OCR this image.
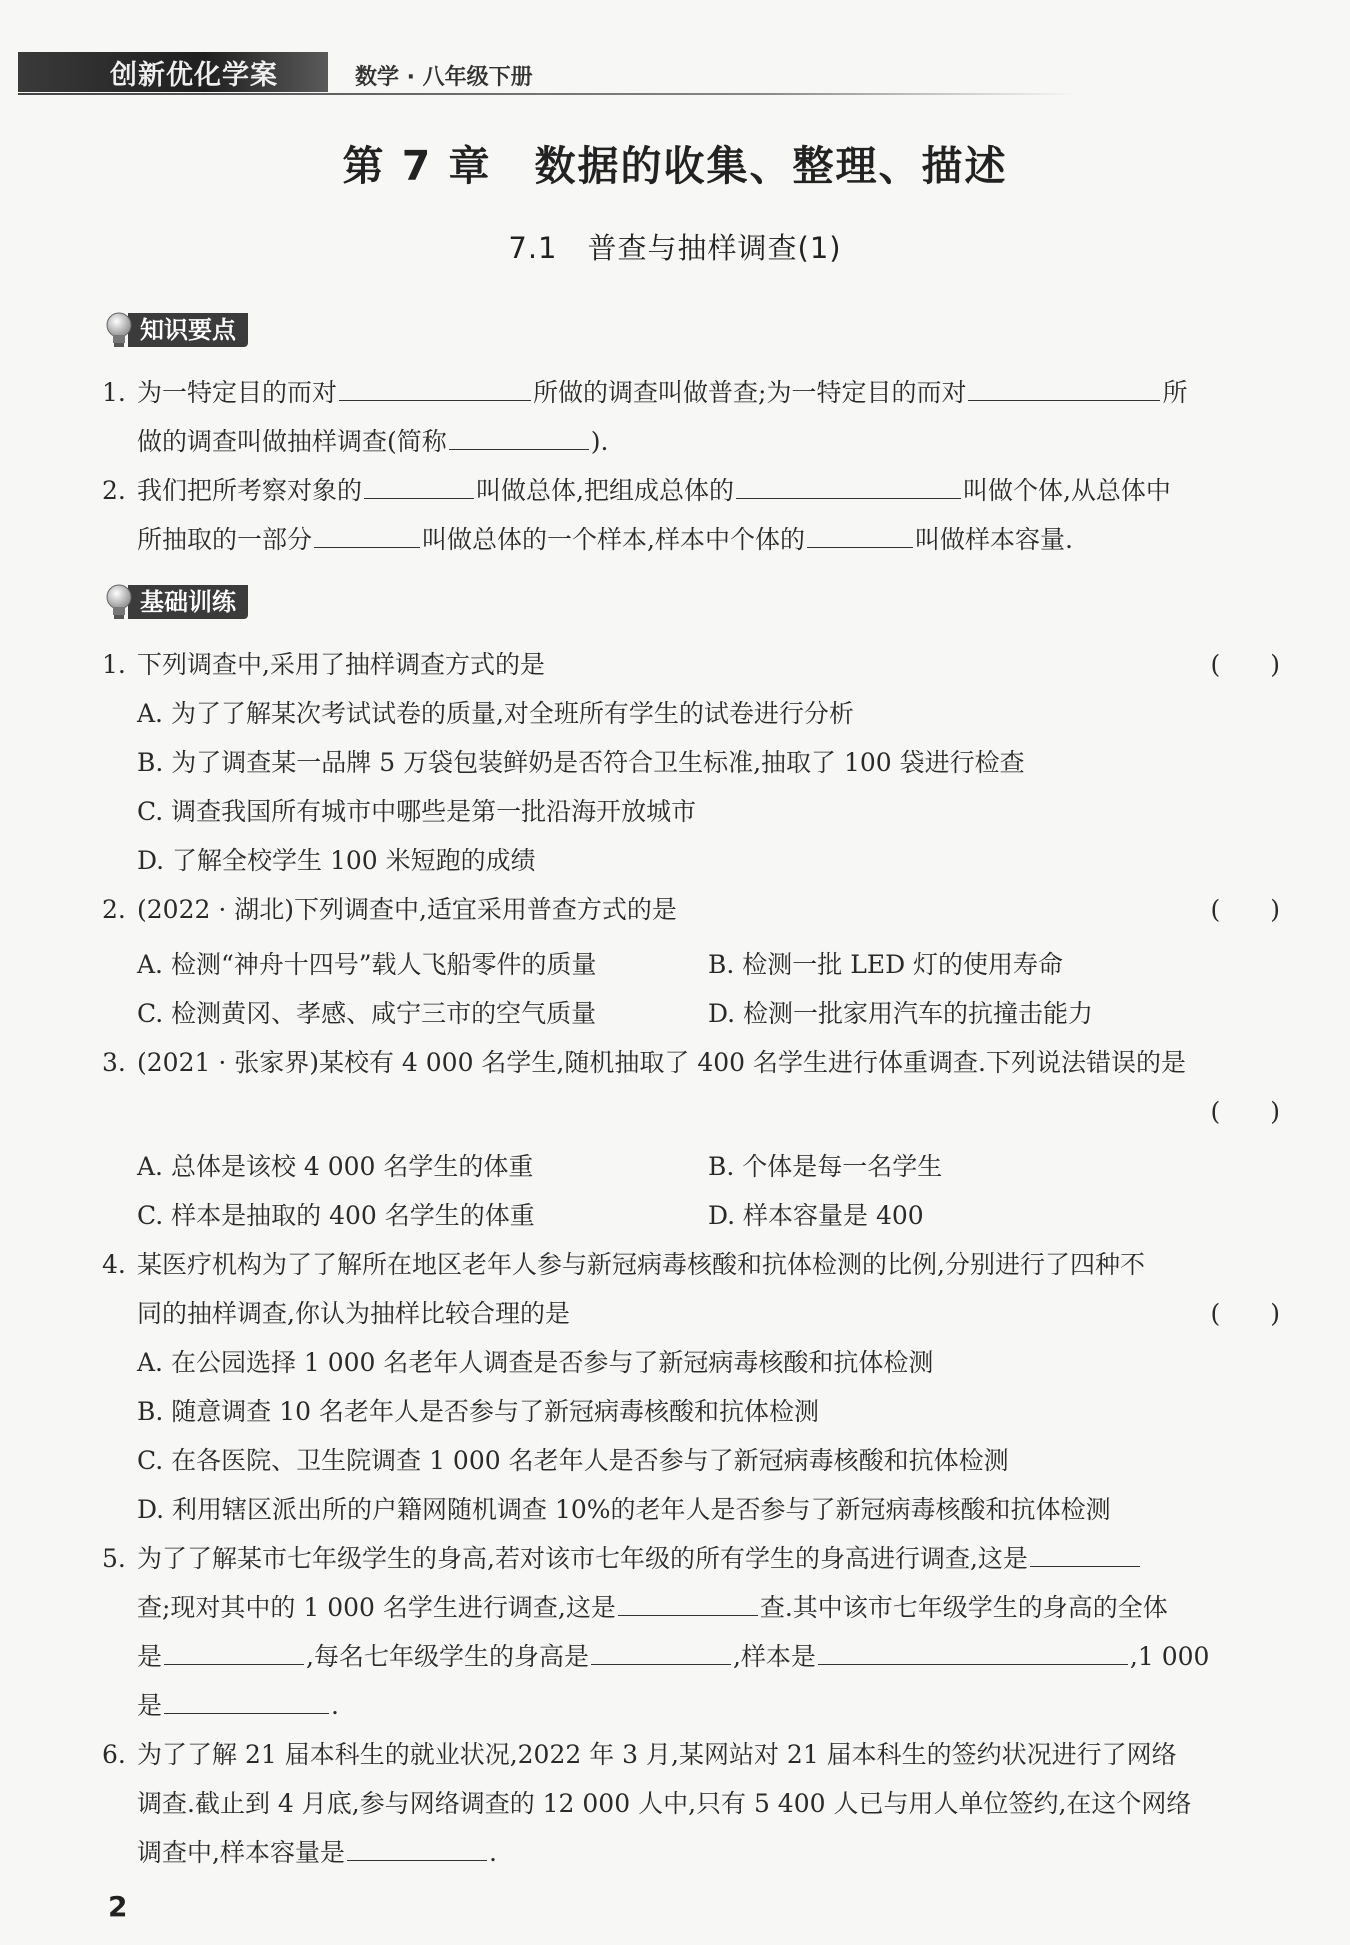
创新优化学案	数学 · 八年级下册
第 7 章　数据的收集、整理、描述
7.1　普查与抽样调查(1)
知识要点
1. 为一特定目的而对	所做的调查叫做普查;为一特定目的而对	所
做的调查叫做抽样调查(简称	).
2. 我们把所考察对象的	叫做总体,把组成总体的	叫做个体,从总体中
所抽取的一部分	叫做总体的一个样本,样本中个体的	叫做样本容量.
基础训练
1. 下列调查中,采用了抽样调查方式的是	(　　)
A. 为了了解某次考试试卷的质量,对全班所有学生的试卷进行分析
B. 为了调查某一品牌 5 万袋包装鲜奶是否符合卫生标准,抽取了 100 袋进行检查
C. 调查我国所有城市中哪些是第一批沿海开放城市
D. 了解全校学生 100 米短跑的成绩
2. (2022 · 湖北)下列调查中,适宜采用普查方式的是	(　　)
A. 检测“神舟十四号”载人飞船零件的质量	B. 检测一批 LED 灯的使用寿命
C. 检测黄冈、孝感、咸宁三市的空气质量	D. 检测一批家用汽车的抗撞击能力
3. (2021 · 张家界)某校有 4 000 名学生,随机抽取了 400 名学生进行体重调查.下列说法错误的是
(　　)
A. 总体是该校 4 000 名学生的体重	B. 个体是每一名学生
C. 样本是抽取的 400 名学生的体重	D. 样本容量是 400
4. 某医疗机构为了了解所在地区老年人参与新冠病毒核酸和抗体检测的比例,分别进行了四种不
同的抽样调查,你认为抽样比较合理的是	(　　)
A. 在公园选择 1 000 名老年人调查是否参与了新冠病毒核酸和抗体检测
B. 随意调查 10 名老年人是否参与了新冠病毒核酸和抗体检测
C. 在各医院、卫生院调查 1 000 名老年人是否参与了新冠病毒核酸和抗体检测
D. 利用辖区派出所的户籍网随机调查 10%的老年人是否参与了新冠病毒核酸和抗体检测
5. 为了了解某市七年级学生的身高,若对该市七年级的所有学生的身高进行调查,这是
查;现对其中的 1 000 名学生进行调查,这是	查.其中该市七年级学生的身高的全体
是	,每名七年级学生的身高是	,样本是	,1 000
是	.
6. 为了了解 21 届本科生的就业状况,2022 年 3 月,某网站对 21 届本科生的签约状况进行了网络
调查.截止到 4 月底,参与网络调查的 12 000 人中,只有 5 400 人已与用人单位签约,在这个网络
调查中,样本容量是	.
2
